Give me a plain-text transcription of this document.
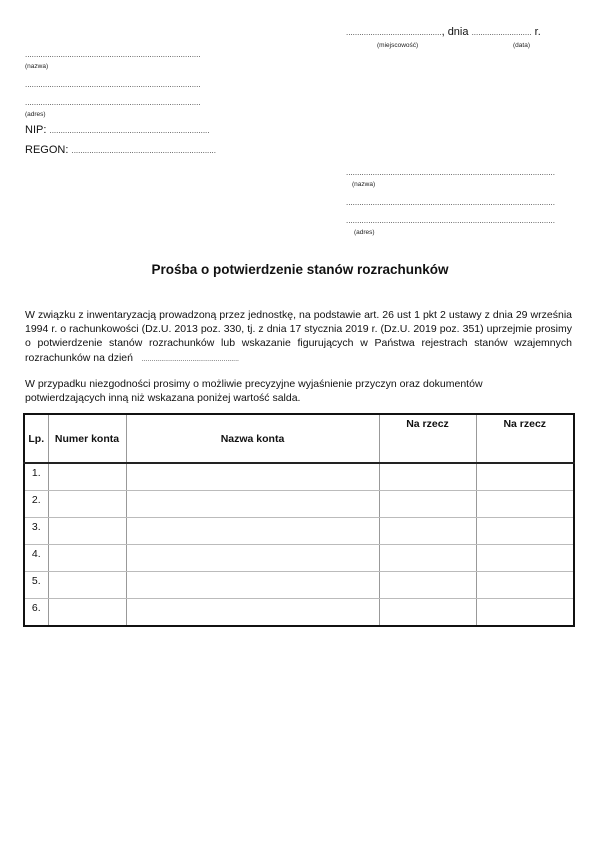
..........................................., dnia ........................... r.
(miejscowość)	(data)
...............................................................................
(nazwa)
...............................................................................
...............................................................................
(adres)
NIP: ........................................................................
REGON: .................................................................
..............................................................................................
(nazwa)
..............................................................................................
..............................................................................................
(adres)
Prośba o potwierdzenie stanów rozrachunków
W związku z inwentaryzacją prowadzoną przez jednostkę, na podstawie art. 26 ust 1 pkt 2 ustawy z dnia 29 września 1994 r. o rachunkowości (Dz.U. 2013 poz. 330, tj. z dnia 17 stycznia 2019 r. (Dz.U. 2019 poz. 351) uprzejmie prosimy o potwierdzenie stanów rozrachunków lub wskazanie figurujących w Państwa rejestrach stanów wzajemnych rozrachunków na dzień ..................................................
W przypadku niezgodności prosimy o możliwie precyzyjne wyjaśnienie przyczyn oraz dokumentów potwierdzających inną niż wskazana poniżej wartość salda.
Lp.	Numer konta	Nazwa konta	Na rzecz	Na rzecz
1.				
2.				
3.				
4.				
5.				
6.				
